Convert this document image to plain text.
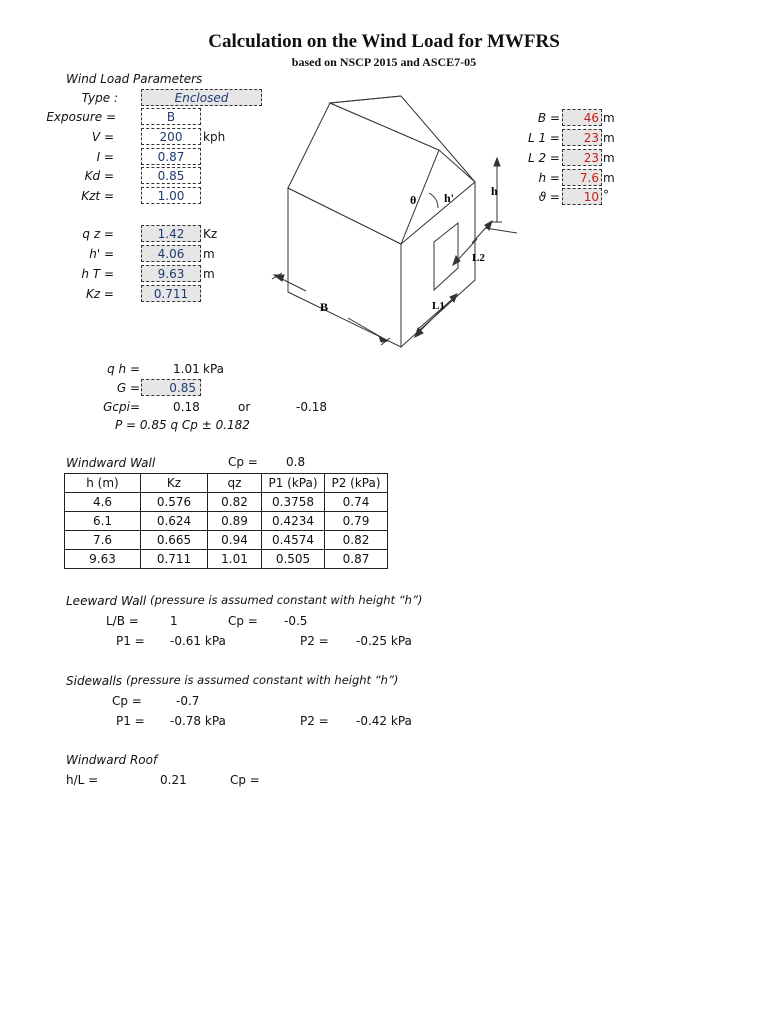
Calculation on the Wind Load for MWFRS
based on NSCP 2015 and ASCE7-05
Wind Load Parameters
Type :	Enclosed
Exposure =	B
V =	200	kph
I =	0.87
Kd =	0.85
Kzt =	1.00
q z =	1.42	Kz
h' =	4.06	m
h T =	9.63	m
Kz =	0.711
B =	46 m
L 1 =	23 m
L 2 =	23 m
h =	7.6 m
ϑ =	10 °
θ h'	h
L2
L1
B
q h =	1.01 kPa
G =	0.85
Gcpi=	0.18	or	-0.18
P = 0.85 q Cp ± 0.182
Windward Wall	Cp = 0.8
h (m)	Kz	qz	P1 (kPa)	P2 (kPa)
4.6	0.576	0.82	0.3758	0.74
6.1	0.624	0.89	0.4234	0.79
7.6	0.665	0.94	0.4574	0.82
9.63	0.711	1.01	0.505	0.87
Leeward Wall (pressure is assumed constant with height “h”)
L/B =	1	Cp = -0.5
P1 = -0.61 kPa	P2 = -0.25 kPa
Sidewalls (pressure is assumed constant with height “h”)
Cp =	-0.7
P1 = -0.78 kPa	P2 = -0.42 kPa
Windward Roof
h/L =	0.21	Cp =
